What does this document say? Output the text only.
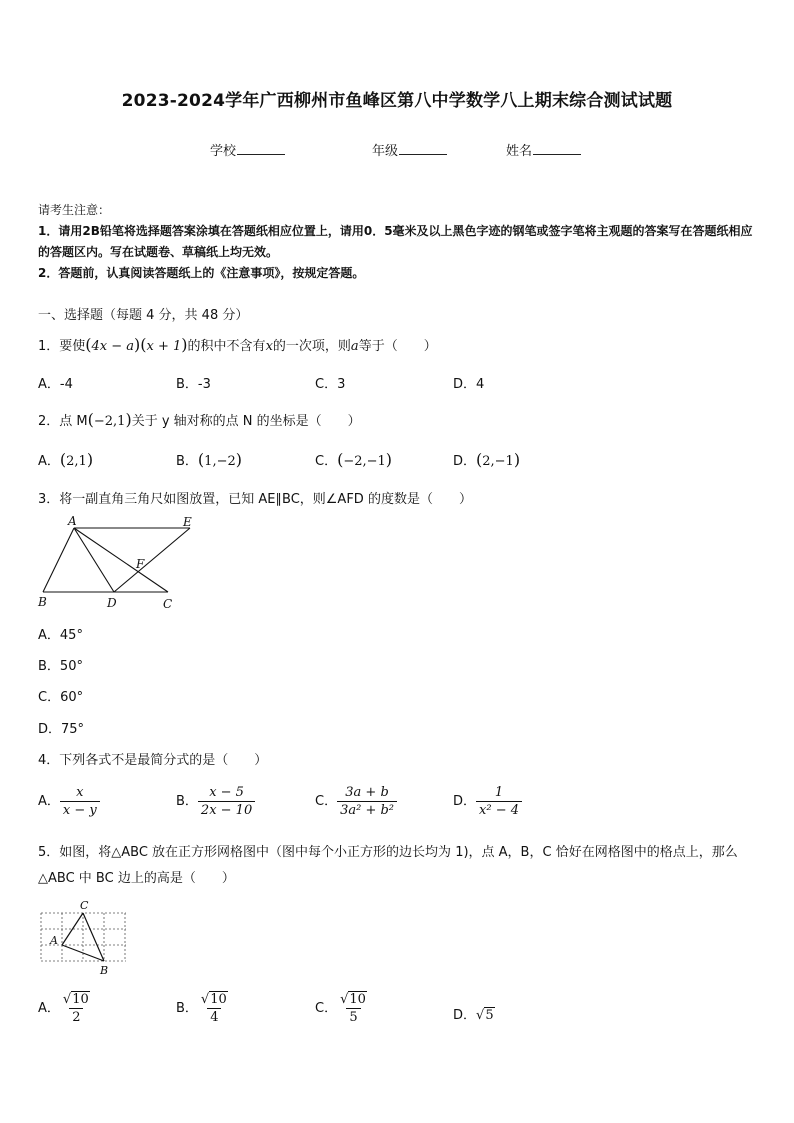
2023-2024学年广西柳州市鱼峰区第八中学数学八上期末综合测试试题
学校	年级	姓名
请考生注意：
1．请用2B铅笔将选择题答案涂填在答题纸相应位置上，请用0．5毫米及以上黑色字迹的钢笔或签字笔将主观题的答案写在答题纸相应的答题区内。写在试题卷、草稿纸上均无效。
2．答题前，认真阅读答题纸上的《注意事项》，按规定答题。
一、选择题（每题 4 分，共 48 分）
1．要使(4x − a)(x + 1)的积中不含有x的一次项，则a等于（　　）
A．-4	B．-3	C．3	D．4
2．点 M(−2,1)关于 y 轴对称的点 N 的坐标是（　　）
A．(2,1)	B．(1,−2)	C．(−2,−1)	D．(2,−1)
3．将一副直角三角尺如图放置，已知 AE∥BC，则∠AFD 的度数是（　　）
A	E
F
B	D	C
A．45°
B．50°
C．60°
D．75°
4．下列各式不是最简分式的是（　　）
A． $\frac{x}{x - y}$	B． $\frac{x - 5}{2x - 10}$	C． $\frac{3a + b}{\text{3a² + b²}}$	D． $\frac{1}{\text{x² − 4}}$
5．如图，将△ABC 放在正方形网格图中（图中每个小正方形的边长均为 1)，点 A，B，C 恰好在网格图中的格点上，那么△ABC 中 BC 边上的高是（　　）
C
A
B
A． $\frac{√10}{2}$	B． $\frac{√10}{4}$	C． $\frac{√10}{5}$	D．√5
